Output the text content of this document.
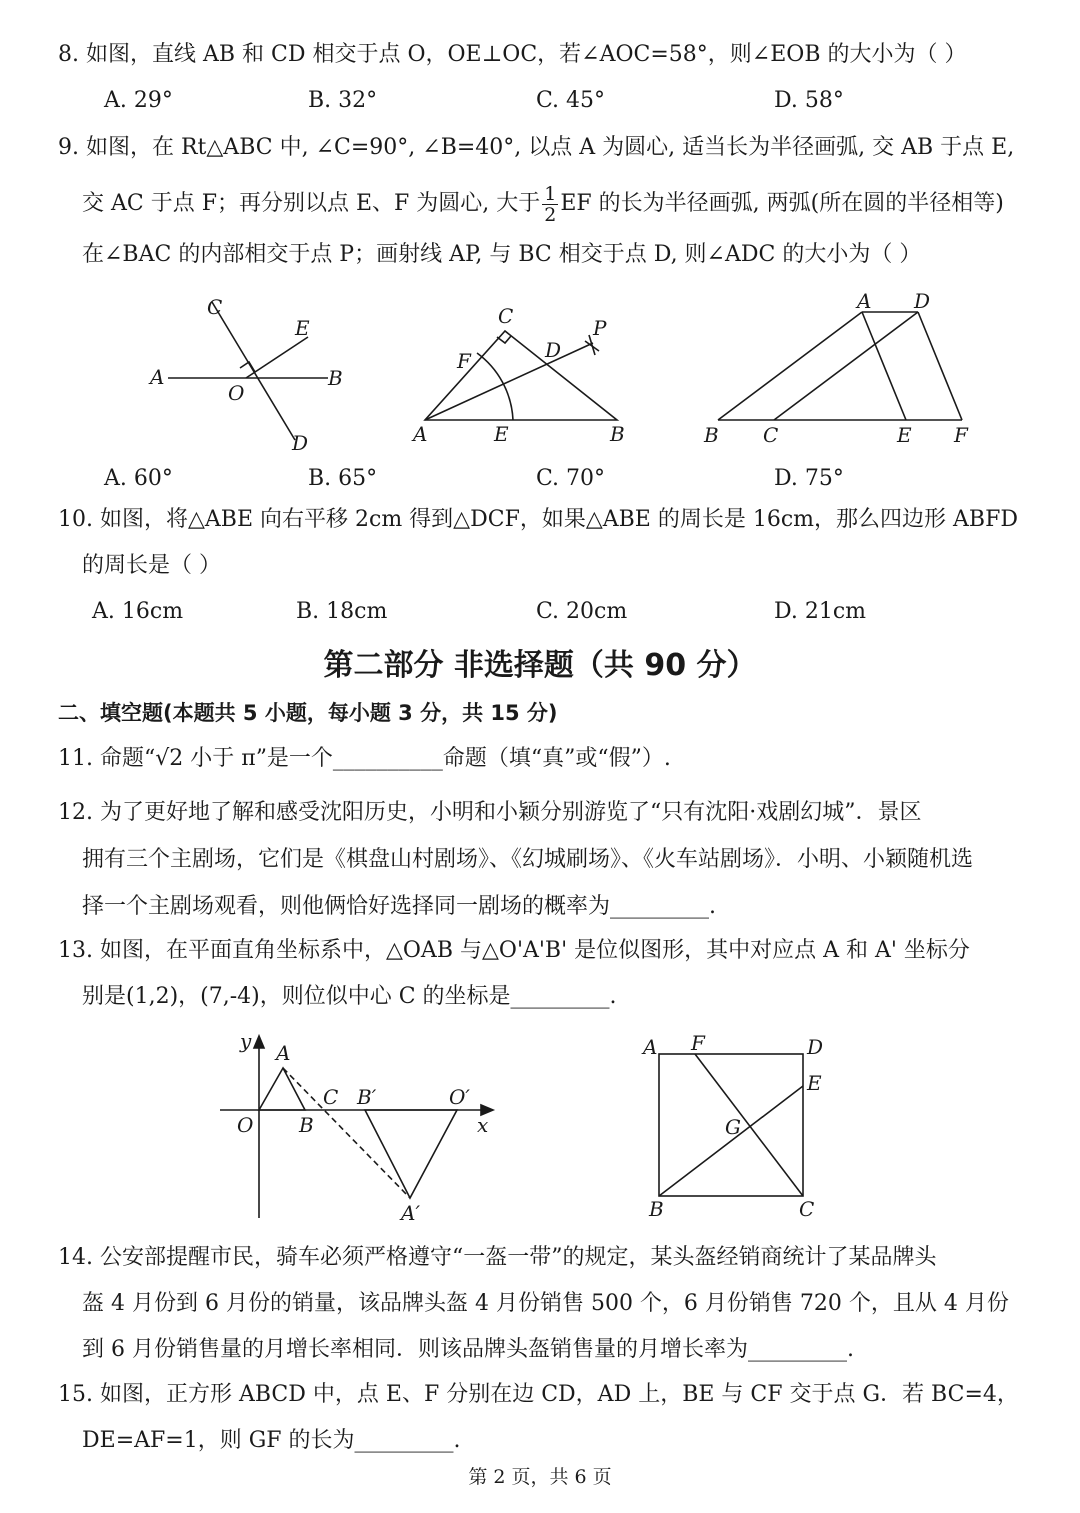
8. 如图，直线 AB 和 CD 相交于点 O，OE⊥OC，若∠AOC=58°，则∠EOB 的大小为（ ）
A. 29°	B. 32°	C. 45°	D. 58°
9. 如图，在 Rt△ABC 中, ∠C=90°, ∠B=40°, 以点 A 为圆心, 适当长为半径画弧, 交 AB 于点 E,
交 AC 于点 F；再分别以点 E、F 为圆心, 大于 $\frac{1}{2}$ EF 的长为半径画弧, 两弧(所在圆的半径相等)
在∠BAC 的内部相交于点 P；画射线 AP, 与 BC 相交于点 D, 则∠ADC 的大小为（ ）
A	B
C
D
E
O
A	B
C
D
E
F
P
A D
B C	E F
A. 60°	B. 65°	C. 70°	D. 75°
10. 如图，将△ABE 向右平移 2cm 得到△DCF，如果△ABE 的周长是 16cm，那么四边形 ABFD
的周长是（ ）
A. 16cm	B. 18cm	C. 20cm	D. 21cm
第二部分 非选择题（共 90 分）
二、填空题(本题共 5 小题，每小题 3 分，共 15 分)
11. 命题“√2 小于 π”是一个__________命题（填“真”或“假”）.
12. 为了更好地了解和感受沈阳历史，小明和小颖分别游览了“只有沈阳·戏剧幻城”．景区
拥有三个主剧场，它们是《棋盘山村剧场》、《幻城刷场》、《火车站剧场》．小明、小颖随机选
择一个主剧场观看，则他俩恰好选择同一剧场的概率为_________.
13. 如图，在平面直角坐标系中，△OAB 与△O'A'B' 是位似图形，其中对应点 A 和 A' 坐标分
别是(1,2)，(7,-4)，则位似中心 C 的坐标是_________.
y
x
O
A
B
C B′	O′
A′
A F	D
E
G
B	C
14. 公安部提醒市民，骑车必须严格遵守“一盔一带”的规定，某头盔经销商统计了某品牌头
盔 4 月份到 6 月份的销量，该品牌头盔 4 月份销售 500 个，6 月份销售 720 个，且从 4 月份
到 6 月份销售量的月增长率相同．则该品牌头盔销售量的月增长率为_________.
15. 如图，正方形 ABCD 中，点 E、F 分别在边 CD，AD 上，BE 与 CF 交于点 G．若 BC=4，
DE=AF=1，则 GF 的长为_________.
第 2 页，共 6 页
